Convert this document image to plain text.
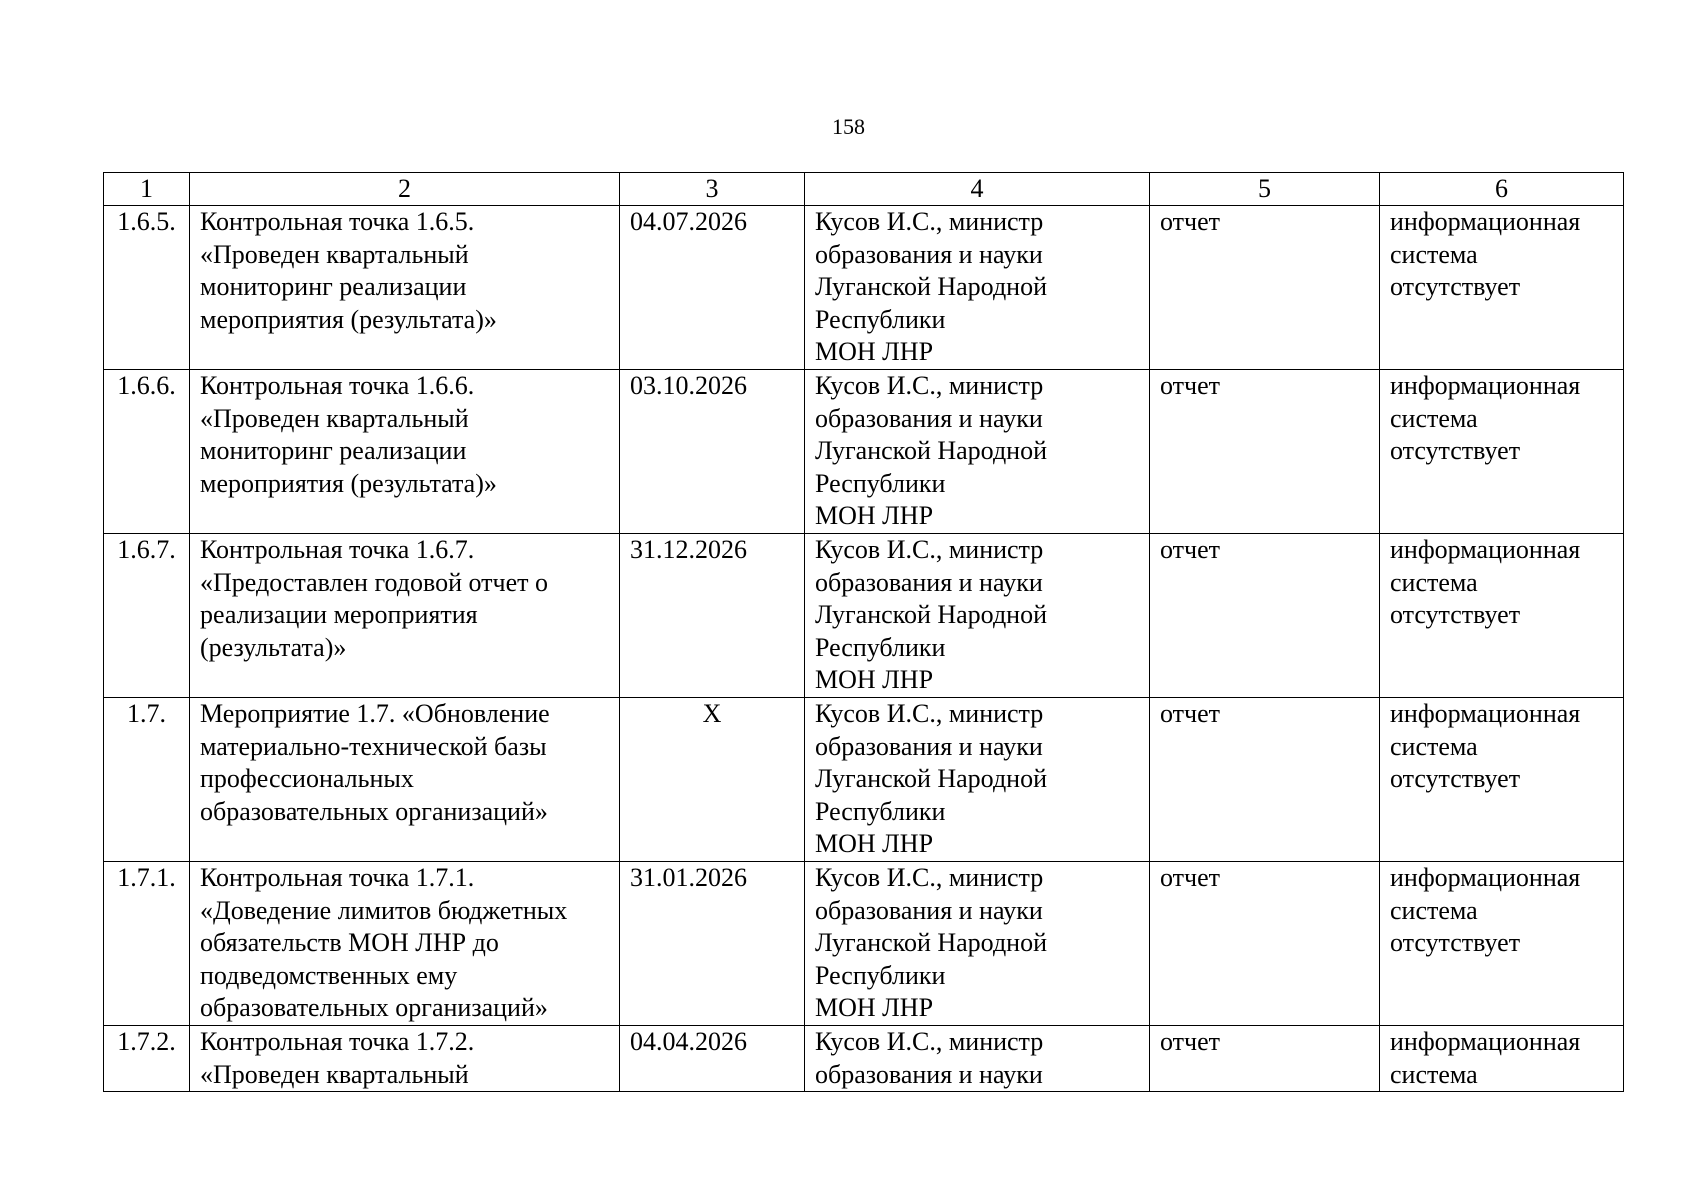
158
1	2	3	4	5	6
1.6.5.	Контрольная точка 1.6.5.
«Проведен квартальный
мониторинг реализации
мероприятия (результата)»	04.07.2026	Кусов И.С., министр
образования и науки
Луганской Народной
Республики
МОН ЛНР	отчет	информационная
система
отсутствует

1.6.6.	Контрольная точка 1.6.6.
«Проведен квартальный
мониторинг реализации
мероприятия (результата)»	03.10.2026	Кусов И.С., министр
образования и науки
Луганской Народной
Республики
МОН ЛНР	отчет	информационная
система
отсутствует

1.6.7.	Контрольная точка 1.6.7.
«Предоставлен годовой отчет о
реализации мероприятия
(результата)»	31.12.2026	Кусов И.С., министр
образования и науки
Луганской Народной
Республики
МОН ЛНР	отчет	информационная
система
отсутствует

1.7.	Мероприятие 1.7. «Обновление
материально-технической базы
профессиональных
образовательных организаций»	Х	Кусов И.С., министр
образования и науки
Луганской Народной
Республики
МОН ЛНР	отчет	информационная
система
отсутствует

1.7.1.	Контрольная точка 1.7.1.
«Доведение лимитов бюджетных
обязательств МОН ЛНР до
подведомственных ему
образовательных организаций»	31.01.2026	Кусов И.С., министр
образования и науки
Луганской Народной
Республики
МОН ЛНР	отчет	информационная
система
отсутствует

1.7.2.	Контрольная точка 1.7.2.
«Проведен квартальный	04.04.2026	Кусов И.С., министр
образования и науки	отчет	информационная
система
